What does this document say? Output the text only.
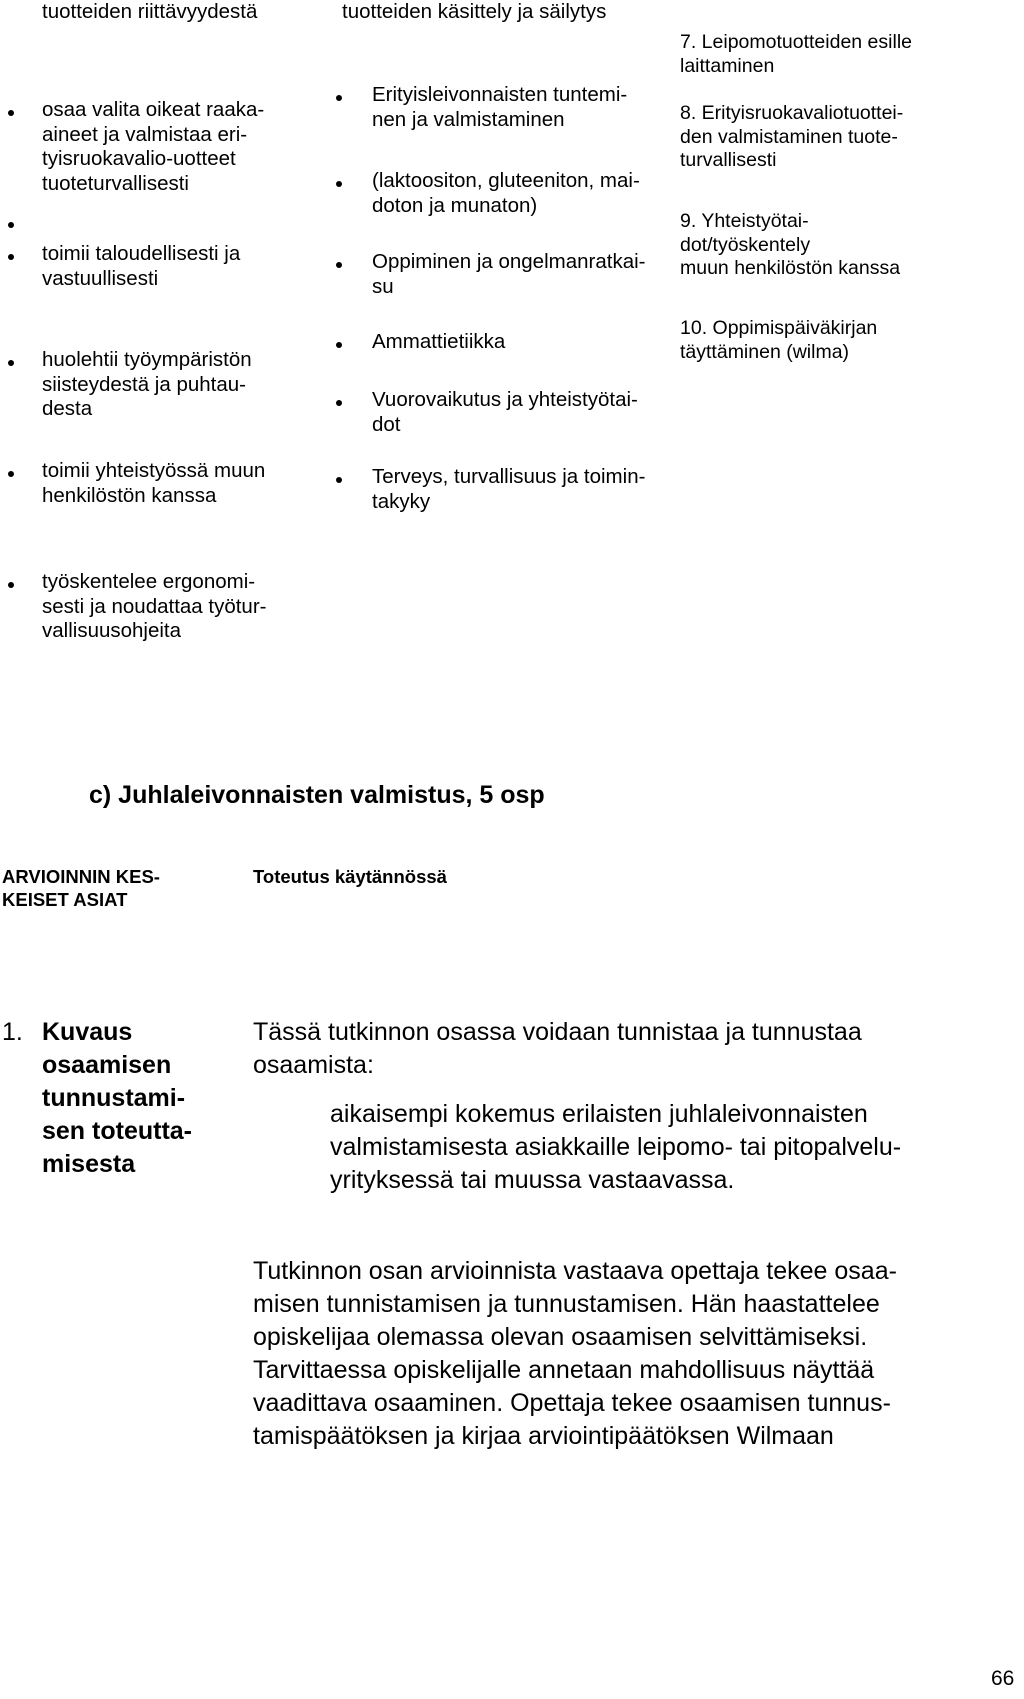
tuotteiden riittävyydestä
osaa valita oikeat raaka-
aineet ja valmistaa eri-
tyisruokavalio-uotteet
tuoteturvallisesti
toimii taloudellisesti ja
vastuullisesti
huolehtii työympäristön
siisteydestä ja puhtau-
desta
toimii yhteistyössä muun
henkilöstön kanssa
työskentelee ergonomi-
sesti ja noudattaa työtur-
vallisuusohjeita
tuotteiden käsittely ja säilytys
Erityisleivonnaisten tuntemi-
nen ja valmistaminen
(laktoositon, gluteeniton, mai-
doton ja munaton)
Oppiminen ja ongelmanratkai-
su
Ammattietiikka
Vuorovaikutus ja yhteistyötai-
dot
Terveys, turvallisuus ja toimin-
takyky
7. Leipomotuotteiden esille
laittaminen
8. Erityisruokavaliotuottei-
den valmistaminen tuote-
turvallisesti
9. Yhteistyötai-
dot/työskentely
muun henkilöstön kanssa
10. Oppimispäiväkirjan
täyttäminen (wilma)
c) Juhlaleivonnaisten valmistus, 5 osp
ARVIOINNIN KES-
KEISET ASIAT
Toteutus käytännössä
1. Kuvaus
osaamisen
tunnustami-
sen toteutta-
misesta
Tässä tutkinnon osassa voidaan tunnistaa ja tunnustaa
osaamista:
aikaisempi kokemus erilaisten juhlaleivonnaisten
valmistamisesta asiakkaille leipomo- tai pitopalvelu-
yrityksessä tai muussa vastaavassa.
Tutkinnon osan arvioinnista vastaava opettaja tekee osaa-
misen tunnistamisen ja tunnustamisen. Hän haastattelee
opiskelijaa olemassa olevan osaamisen selvittämiseksi.
Tarvittaessa opiskelijalle annetaan mahdollisuus näyttää
vaadittava osaaminen. Opettaja tekee osaamisen tunnus-
tamispäätöksen ja kirjaa arviointipäätöksen Wilmaan
66
